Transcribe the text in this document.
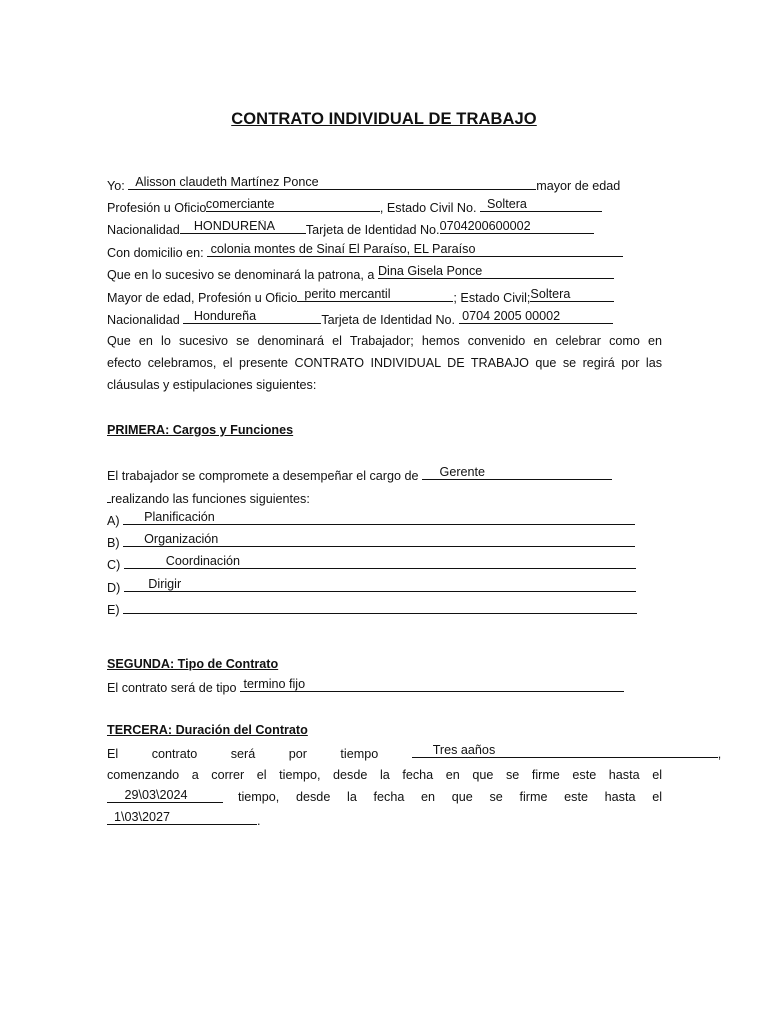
CONTRATO INDIVIDUAL DE TRABAJO
Yo: Alisson claudeth Martínez Ponce	mayor de edad
Profesión u Oficio comerciante	, Estado Civil No. Soltera
Nacionalidad HONDUREÑA Tarjeta de Identidad No.0704200600002
Con domicilio en: colonia montes de Sinaí El Paraíso, EL Paraíso
Que en lo sucesivo se denominará la patrona, a Dina Gisela Ponce
Mayor de edad, Profesión u Oficio perito mercantil	; Estado Civil;Soltera
Nacionalidad Hondureña	Tarjeta de Identidad No. 0704 2005 00002
Que en lo sucesivo se denominará el Trabajador; hemos convenido en celebrar como en
efecto celebramos, el presente CONTRATO INDIVIDUAL DE TRABAJO que se regirá por las
cláusulas y estipulaciones siguientes:
PRIMERA: Cargos y Funciones
El trabajador se compromete a desempeñar el cargo de Gerente
realizando las funciones siguientes:
A) Planificación
B) Organización
C)	Coordinación
D) Dirigir
E)
SEGUNDA: Tipo de Contrato
El contrato será de tipo termino fijo
TERCERA: Duración del Contrato
El contrato será por tiempo	Tres aaños	,
comenzando a correr el tiempo, desde la fecha en que se firme este hasta el
29\03\2024	tiempo, desde la fecha en que se firme este hasta el
1\03\2027	.
